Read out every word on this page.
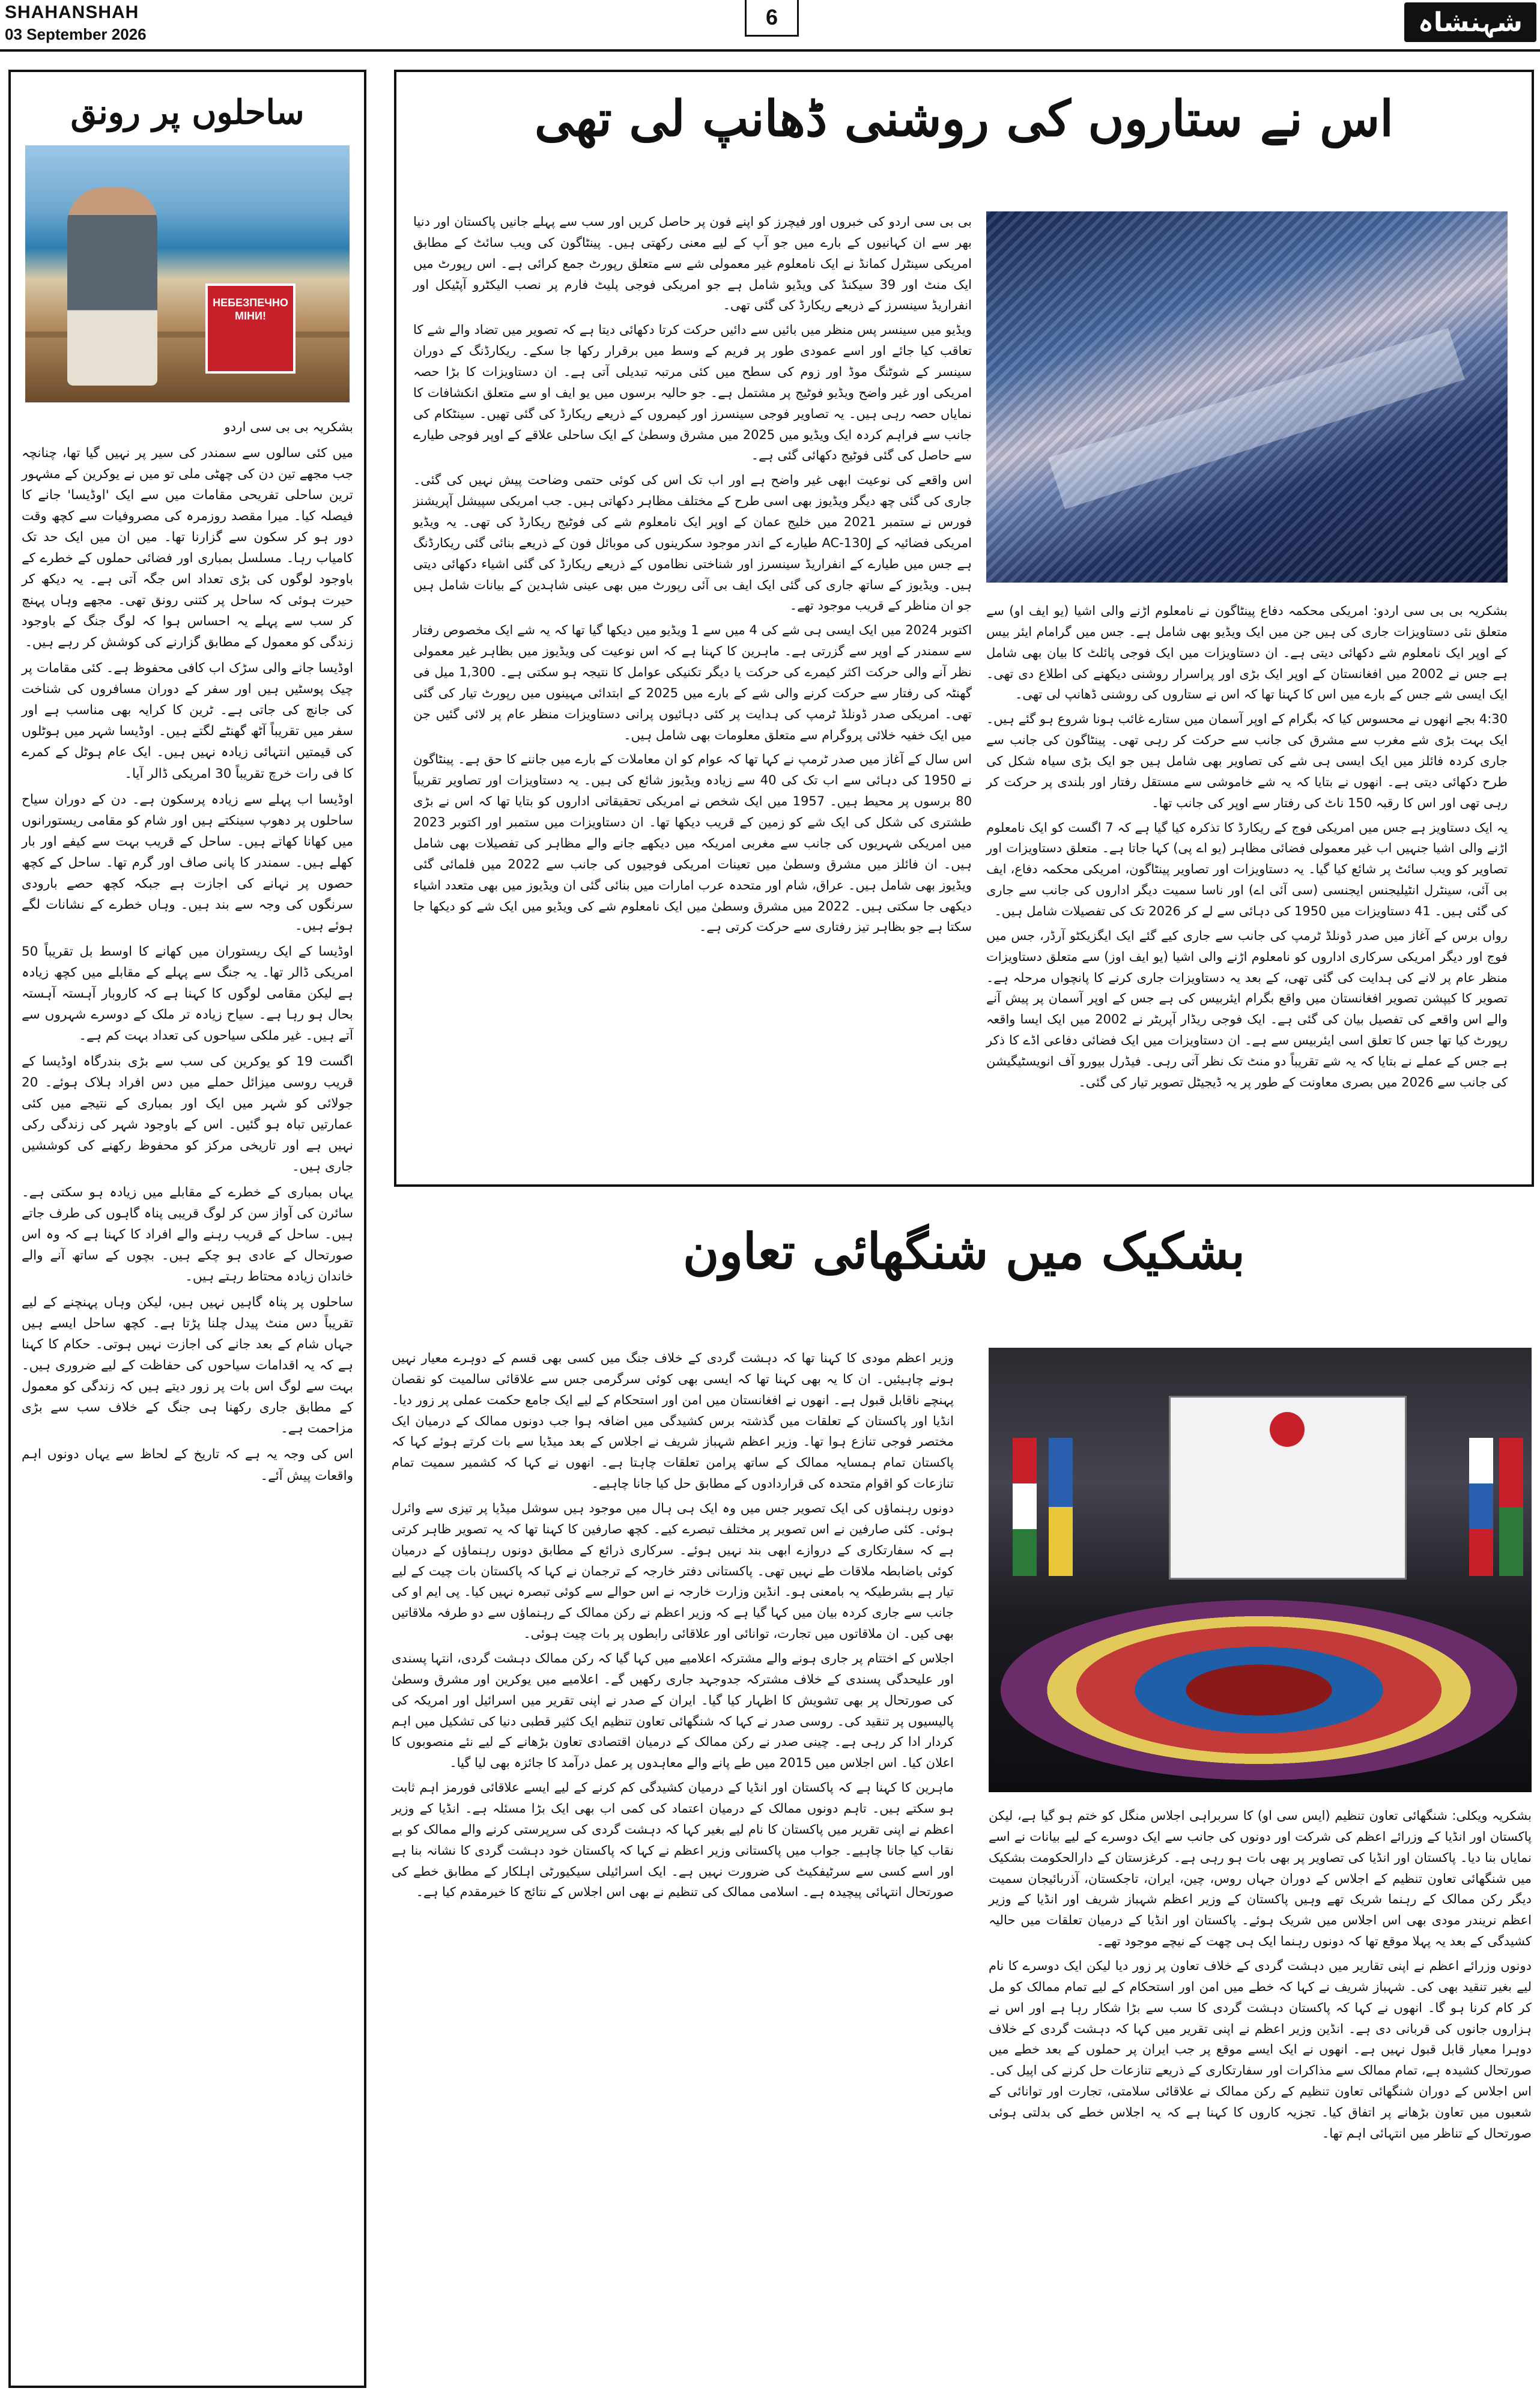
SHAHANSHAH
03 September 2026
6	شہنشاہ
ساحلوں پر رونق
НЕБЕЗПЕЧНО МІНИ!

بشکریہ بی بی سی اردو

میں کئی سالوں سے سمندر کی سیر پر نہیں گیا تھا، چنانچہ جب مجھے تین دن کی چھٹی ملی تو میں نے یوکرین کے مشہور ترین ساحلی تفریحی مقامات میں سے ایک 'اوڈیسا' جانے کا فیصلہ کیا۔ میرا مقصد روزمرہ کی مصروفیات سے کچھ وقت دور ہو کر سکون سے گزارنا تھا۔ میں ان میں ایک حد تک کامیاب رہا۔ مسلسل بمباری اور فضائی حملوں کے خطرے کے باوجود لوگوں کی بڑی تعداد اس جگہ آتی ہے۔ یہ دیکھ کر حیرت ہوئی کہ ساحل پر کتنی رونق تھی۔ مجھے وہاں پہنچ کر سب سے پہلے یہ احساس ہوا کہ لوگ جنگ کے باوجود زندگی کو معمول کے مطابق گزارنے کی کوشش کر رہے ہیں۔

اوڈیسا جانے والی سڑک اب کافی محفوظ ہے۔ کئی مقامات پر چیک پوسٹیں ہیں اور سفر کے دوران مسافروں کی شناخت کی جانچ کی جاتی ہے۔ ٹرین کا کرایہ بھی مناسب ہے اور سفر میں تقریباً آٹھ گھنٹے لگتے ہیں۔ اوڈیسا شہر میں ہوٹلوں کی قیمتیں انتہائی زیادہ نہیں ہیں۔ ایک عام ہوٹل کے کمرے کا فی رات خرچ تقریباً 30 امریکی ڈالر آیا۔

اوڈیسا اب پہلے سے زیادہ پرسکون ہے۔ دن کے دوران سیاح ساحلوں پر دھوپ سینکتے ہیں اور شام کو مقامی ریستورانوں میں کھانا کھاتے ہیں۔ ساحل کے قریب بہت سے کیفے اور بار کھلے ہیں۔ سمندر کا پانی صاف اور گرم تھا۔ ساحل کے کچھ حصوں پر نہانے کی اجازت ہے جبکہ کچھ حصے بارودی سرنگوں کی وجہ سے بند ہیں۔ وہاں خطرے کے نشانات لگے ہوئے ہیں۔

اوڈیسا کے ایک ریستوران میں کھانے کا اوسط بل تقریباً 50 امریکی ڈالر تھا۔ یہ جنگ سے پہلے کے مقابلے میں کچھ زیادہ ہے لیکن مقامی لوگوں کا کہنا ہے کہ کاروبار آہستہ آہستہ بحال ہو رہا ہے۔ سیاح زیادہ تر ملک کے دوسرے شہروں سے آتے ہیں۔ غیر ملکی سیاحوں کی تعداد بہت کم ہے۔

اگست 19 کو یوکرین کی سب سے بڑی بندرگاہ اوڈیسا کے قریب روسی میزائل حملے میں دس افراد ہلاک ہوئے۔ 20 جولائی کو شہر میں ایک اور بمباری کے نتیجے میں کئی عمارتیں تباہ ہو گئیں۔ اس کے باوجود شہر کی زندگی رکی نہیں ہے اور تاریخی مرکز کو محفوظ رکھنے کی کوششیں جاری ہیں۔

یہاں بمباری کے خطرے کے مقابلے میں زیادہ ہو سکتی ہے۔ سائرن کی آواز سن کر لوگ قریبی پناہ گاہوں کی طرف جاتے ہیں۔ ساحل کے قریب رہنے والے افراد کا کہنا ہے کہ وہ اس صورتحال کے عادی ہو چکے ہیں۔ بچوں کے ساتھ آنے والے خاندان زیادہ محتاط رہتے ہیں۔

ساحلوں پر پناہ گاہیں نہیں ہیں، لیکن وہاں پہنچنے کے لیے تقریباً دس منٹ پیدل چلنا پڑتا ہے۔ کچھ ساحل ایسے ہیں جہاں شام کے بعد جانے کی اجازت نہیں ہوتی۔ حکام کا کہنا ہے کہ یہ اقدامات سیاحوں کی حفاظت کے لیے ضروری ہیں۔ بہت سے لوگ اس بات پر زور دیتے ہیں کہ زندگی کو معمول کے مطابق جاری رکھنا ہی جنگ کے خلاف سب سے بڑی مزاحمت ہے۔

اس کی وجہ یہ ہے کہ تاریخ کے لحاظ سے یہاں دونوں اہم واقعات پیش آئے۔

اس نے ستاروں کی روشنی ڈھانپ لی تھی

بشکریہ بی بی سی اردو: امریکی محکمہ دفاع پینٹاگون نے نامعلوم اڑنے والی اشیا (یو ایف او) سے متعلق نئی دستاویزات جاری کی ہیں جن میں ایک ویڈیو بھی شامل ہے۔ جس میں گرامام ایئر بیس کے اوپر ایک نامعلوم شے دکھائی دیتی ہے۔ ان دستاویزات میں ایک فوجی پائلٹ کا بیان بھی شامل ہے جس نے 2002 میں افغانستان کے اوپر ایک بڑی اور پراسرار روشنی دیکھنے کی اطلاع دی تھی۔ ایک ایسی شے جس کے بارے میں اس کا کہنا تھا کہ اس نے ستاروں کی روشنی ڈھانپ لی تھی۔

4:30 بجے انھوں نے محسوس کیا کہ بگرام کے اوپر آسمان میں ستارے غائب ہونا شروع ہو گئے ہیں۔ ایک بہت بڑی شے مغرب سے مشرق کی جانب سے حرکت کر رہی تھی۔ پینٹاگون کی جانب سے جاری کردہ فائلز میں ایک ایسی ہی شے کی تصاویر بھی شامل ہیں جو ایک بڑی سیاہ شکل کی طرح دکھائی دیتی ہے۔ انھوں نے بتایا کہ یہ شے خاموشی سے مستقل رفتار اور بلندی پر حرکت کر رہی تھی اور اس کا رقبہ 150 ناٹ کی رفتار سے اوپر کی جانب تھا۔

یہ ایک دستاویز ہے جس میں امریکی فوج کے ریکارڈ کا تذکرہ کیا گیا ہے کہ 7 اگست کو ایک نامعلوم اڑنے والی اشیا جنہیں اب غیر معمولی فضائی مظاہر (یو اے پی) کہا جاتا ہے۔ متعلق دستاویزات اور تصاویر کو ویب سائٹ پر شائع کیا گیا۔ یہ دستاویزات اور تصاویر پینٹاگون، امریکی محکمہ دفاع، ایف بی آئی، سینٹرل انٹیلیجنس ایجنسی (سی آئی اے) اور ناسا سمیت دیگر اداروں کی جانب سے جاری کی گئی ہیں۔ 41 دستاویزات میں 1950 کی دہائی سے لے کر 2026 تک کی تفصیلات شامل ہیں۔

رواں برس کے آغاز میں صدر ڈونلڈ ٹرمپ کی جانب سے جاری کیے گئے ایک ایگزیکٹو آرڈر، جس میں فوج اور دیگر امریکی سرکاری اداروں کو نامعلوم اڑنے والی اشیا (یو ایف اوز) سے متعلق دستاویزات منظر عام پر لانے کی ہدایت کی گئی تھی، کے بعد یہ دستاویزات جاری کرنے کا پانچواں مرحلہ ہے۔ تصویر کا کیپشن تصویر افغانستان میں واقع بگرام ایئربیس کی ہے جس کے اوپر آسمان پر پیش آنے والے اس واقعے کی تفصیل بیان کی گئی ہے۔ ایک فوجی ریڈار آپریٹر نے 2002 میں ایک ایسا واقعہ رپورٹ کیا تھا جس کا تعلق اسی ایئربیس سے ہے۔ ان دستاویزات میں ایک فضائی دفاعی اڈے کا ذکر ہے جس کے عملے نے بتایا کہ یہ شے تقریباً دو منٹ تک نظر آتی رہی۔ فیڈرل بیورو آف انویسٹیگیشن کی جانب سے 2026 میں بصری معاونت کے طور پر یہ ڈیجیٹل تصویر تیار کی گئی۔

بی بی سی اردو کی خبروں اور فیچرز کو اپنے فون پر حاصل کریں اور سب سے پہلے جانیں پاکستان اور دنیا بھر سے ان کہانیوں کے بارے میں جو آپ کے لیے معنی رکھتی ہیں۔ پینٹاگون کی ویب سائٹ کے مطابق امریکی سینٹرل کمانڈ نے ایک نامعلوم غیر معمولی شے سے متعلق رپورٹ جمع کرائی ہے۔ اس رپورٹ میں ایک منٹ اور 39 سیکنڈ کی ویڈیو شامل ہے جو امریکی فوجی پلیٹ فارم پر نصب الیکٹرو آپٹیکل اور انفراریڈ سینسرز کے ذریعے ریکارڈ کی گئی تھی۔

ویڈیو میں سینسر پس منظر میں بائیں سے دائیں حرکت کرتا دکھائی دیتا ہے کہ تصویر میں تضاد والے شے کا تعاقب کیا جائے اور اسے عمودی طور پر فریم کے وسط میں برقرار رکھا جا سکے۔ ریکارڈنگ کے دوران سینسر کے شوٹنگ موڈ اور زوم کی سطح میں کئی مرتبہ تبدیلی آتی ہے۔ ان دستاویزات کا بڑا حصہ امریکی اور غیر واضح ویڈیو فوٹیج پر مشتمل ہے۔ جو حالیہ برسوں میں یو ایف او سے متعلق انکشافات کا نمایاں حصہ رہی ہیں۔ یہ تصاویر فوجی سینسرز اور کیمروں کے ذریعے ریکارڈ کی گئی تھیں۔ سینٹکام کی جانب سے فراہم کردہ ایک ویڈیو میں 2025 میں مشرق وسطیٰ کے ایک ساحلی علاقے کے اوپر فوجی طیارے سے حاصل کی گئی فوٹیج دکھائی گئی ہے۔

اس واقعے کی نوعیت ابھی غیر واضح ہے اور اب تک اس کی کوئی حتمی وضاحت پیش نہیں کی گئی۔ جاری کی گئی چھ دیگر ویڈیوز بھی اسی طرح کے مختلف مظاہر دکھاتی ہیں۔ جب امریکی سپیشل آپریشنز فورس نے ستمبر 2021 میں خلیج عمان کے اوپر ایک نامعلوم شے کی فوٹیج ریکارڈ کی تھی۔ یہ ویڈیو امریکی فضائیہ کے AC-130J طیارے کے اندر موجود سکرینوں کی موبائل فون کے ذریعے بنائی گئی ریکارڈنگ ہے جس میں طیارے کے انفراریڈ سینسرز اور شناختی نظاموں کے ذریعے ریکارڈ کی گئی اشیاء دکھائی دیتی ہیں۔ ویڈیوز کے ساتھ جاری کی گئی ایک ایف بی آئی رپورٹ میں بھی عینی شاہدین کے بیانات شامل ہیں جو ان مناظر کے قریب موجود تھے۔

اکتوبر 2024 میں ایک ایسی ہی شے کی 4 میں سے 1 ویڈیو میں دیکھا گیا تھا کہ یہ شے ایک مخصوص رفتار سے سمندر کے اوپر سے گزرتی ہے۔ ماہرین کا کہنا ہے کہ اس نوعیت کی ویڈیوز میں بظاہر غیر معمولی نظر آنے والی حرکت اکثر کیمرے کی حرکت یا دیگر تکنیکی عوامل کا نتیجہ ہو سکتی ہے۔ 1,300 میل فی گھنٹہ کی رفتار سے حرکت کرنے والی شے کے بارے میں 2025 کے ابتدائی مہینوں میں رپورٹ تیار کی گئی تھی۔ امریکی صدر ڈونلڈ ٹرمپ کی ہدایت پر کئی دہائیوں پرانی دستاویزات منظر عام پر لائی گئیں جن میں ایک خفیہ خلائی پروگرام سے متعلق معلومات بھی شامل ہیں۔

اس سال کے آغاز میں صدر ٹرمپ نے کہا تھا کہ عوام کو ان معاملات کے بارے میں جاننے کا حق ہے۔ پینٹاگون نے 1950 کی دہائی سے اب تک کی 40 سے زیادہ ویڈیوز شائع کی ہیں۔ یہ دستاویزات اور تصاویر تقریباً 80 برسوں پر محیط ہیں۔ 1957 میں ایک شخص نے امریکی تحقیقاتی اداروں کو بتایا تھا کہ اس نے بڑی طشتری کی شکل کی ایک شے کو زمین کے قریب دیکھا تھا۔ ان دستاویزات میں ستمبر اور اکتوبر 2023 میں امریکی شہریوں کی جانب سے مغربی امریکہ میں دیکھے جانے والے مظاہر کی تفصیلات بھی شامل ہیں۔ ان فائلز میں مشرق وسطیٰ میں تعینات امریکی فوجیوں کی جانب سے 2022 میں فلمائی گئی ویڈیوز بھی شامل ہیں۔ عراق، شام اور متحدہ عرب امارات میں بنائی گئی ان ویڈیوز میں بھی متعدد اشیاء دیکھی جا سکتی ہیں۔ 2022 میں مشرق وسطیٰ میں ایک نامعلوم شے کی ویڈیو میں ایک شے کو دیکھا جا سکتا ہے جو بظاہر تیز رفتاری سے حرکت کرتی ہے۔

بشکیک میں شنگھائی تعاون

بشکریہ ویکلی: شنگھائی تعاون تنظیم (ایس سی او) کا سربراہی اجلاس منگل کو ختم ہو گیا ہے، لیکن پاکستان اور انڈیا کے وزرائے اعظم کی شرکت اور دونوں کی جانب سے ایک دوسرے کے لیے بیانات نے اسے نمایاں بنا دیا۔ پاکستان اور انڈیا کی تصاویر پر بھی بات ہو رہی ہے۔ کرغزستان کے دارالحکومت بشکیک میں شنگھائی تعاون تنظیم کے اجلاس کے دوران جہاں روس، چین، ایران، تاجکستان، آذربائیجان سمیت دیگر رکن ممالک کے رہنما شریک تھے وہیں پاکستان کے وزیر اعظم شہباز شریف اور انڈیا کے وزیر اعظم نریندر مودی بھی اس اجلاس میں شریک ہوئے۔ پاکستان اور انڈیا کے درمیان تعلقات میں حالیہ کشیدگی کے بعد یہ پہلا موقع تھا کہ دونوں رہنما ایک ہی چھت کے نیچے موجود تھے۔

دونوں وزرائے اعظم نے اپنی تقاریر میں دہشت گردی کے خلاف تعاون پر زور دیا لیکن ایک دوسرے کا نام لیے بغیر تنقید بھی کی۔ شہباز شریف نے کہا کہ خطے میں امن اور استحکام کے لیے تمام ممالک کو مل کر کام کرنا ہو گا۔ انھوں نے کہا کہ پاکستان دہشت گردی کا سب سے بڑا شکار رہا ہے اور اس نے ہزاروں جانوں کی قربانی دی ہے۔ انڈین وزیر اعظم نے اپنی تقریر میں کہا کہ دہشت گردی کے خلاف دوہرا معیار قابل قبول نہیں ہے۔ انھوں نے ایک ایسے موقع پر جب ایران پر حملوں کے بعد خطے میں صورتحال کشیدہ ہے، تمام ممالک سے مذاکرات اور سفارتکاری کے ذریعے تنازعات حل کرنے کی اپیل کی۔ اس اجلاس کے دوران شنگھائی تعاون تنظیم کے رکن ممالک نے علاقائی سلامتی، تجارت اور توانائی کے شعبوں میں تعاون بڑھانے پر اتفاق کیا۔ تجزیہ کاروں کا کہنا ہے کہ یہ اجلاس خطے کی بدلتی ہوئی صورتحال کے تناظر میں انتہائی اہم تھا۔

وزیر اعظم مودی کا کہنا تھا کہ دہشت گردی کے خلاف جنگ میں کسی بھی قسم کے دوہرے معیار نہیں ہونے چاہیئیں۔ ان کا یہ بھی کہنا تھا کہ ایسی بھی کوئی سرگرمی جس سے علاقائی سالمیت کو نقصان پہنچے ناقابل قبول ہے۔ انھوں نے افغانستان میں امن اور استحکام کے لیے ایک جامع حکمت عملی پر زور دیا۔ انڈیا اور پاکستان کے تعلقات میں گذشتہ برس کشیدگی میں اضافہ ہوا جب دونوں ممالک کے درمیان ایک مختصر فوجی تنازع ہوا تھا۔ وزیر اعظم شہباز شریف نے اجلاس کے بعد میڈیا سے بات کرتے ہوئے کہا کہ پاکستان تمام ہمسایہ ممالک کے ساتھ پرامن تعلقات چاہتا ہے۔ انھوں نے کہا کہ کشمیر سمیت تمام تنازعات کو اقوام متحدہ کی قراردادوں کے مطابق حل کیا جانا چاہیے۔

دونوں رہنماؤں کی ایک تصویر جس میں وہ ایک ہی ہال میں موجود ہیں سوشل میڈیا پر تیزی سے وائرل ہوئی۔ کئی صارفین نے اس تصویر پر مختلف تبصرے کیے۔ کچھ صارفین کا کہنا تھا کہ یہ تصویر ظاہر کرتی ہے کہ سفارتکاری کے دروازے ابھی بند نہیں ہوئے۔ سرکاری ذرائع کے مطابق دونوں رہنماؤں کے درمیان کوئی باضابطہ ملاقات طے نہیں تھی۔ پاکستانی دفتر خارجہ کے ترجمان نے کہا کہ پاکستان بات چیت کے لیے تیار ہے بشرطیکہ یہ بامعنی ہو۔ انڈین وزارت خارجہ نے اس حوالے سے کوئی تبصرہ نہیں کیا۔ پی ایم او کی جانب سے جاری کردہ بیان میں کہا گیا ہے کہ وزیر اعظم نے رکن ممالک کے رہنماؤں سے دو طرفہ ملاقاتیں بھی کیں۔ ان ملاقاتوں میں تجارت، توانائی اور علاقائی رابطوں پر بات چیت ہوئی۔

اجلاس کے اختتام پر جاری ہونے والے مشترکہ اعلامیے میں کہا گیا کہ رکن ممالک دہشت گردی، انتہا پسندی اور علیحدگی پسندی کے خلاف مشترکہ جدوجہد جاری رکھیں گے۔ اعلامیے میں یوکرین اور مشرق وسطیٰ کی صورتحال پر بھی تشویش کا اظہار کیا گیا۔ ایران کے صدر نے اپنی تقریر میں اسرائیل اور امریکہ کی پالیسیوں پر تنقید کی۔ روسی صدر نے کہا کہ شنگھائی تعاون تنظیم ایک کثیر قطبی دنیا کی تشکیل میں اہم کردار ادا کر رہی ہے۔ چینی صدر نے رکن ممالک کے درمیان اقتصادی تعاون بڑھانے کے لیے نئے منصوبوں کا اعلان کیا۔ اس اجلاس میں 2015 میں طے پانے والے معاہدوں پر عمل درآمد کا جائزہ بھی لیا گیا۔

ماہرین کا کہنا ہے کہ پاکستان اور انڈیا کے درمیان کشیدگی کم کرنے کے لیے ایسے علاقائی فورمز اہم ثابت ہو سکتے ہیں۔ تاہم دونوں ممالک کے درمیان اعتماد کی کمی اب بھی ایک بڑا مسئلہ ہے۔ انڈیا کے وزیر اعظم نے اپنی تقریر میں پاکستان کا نام لیے بغیر کہا کہ دہشت گردی کی سرپرستی کرنے والے ممالک کو بے نقاب کیا جانا چاہیے۔ جواب میں پاکستانی وزیر اعظم نے کہا کہ پاکستان خود دہشت گردی کا نشانہ بنا ہے اور اسے کسی سے سرٹیفکیٹ کی ضرورت نہیں ہے۔ ایک اسرائیلی سیکیورٹی اہلکار کے مطابق خطے کی صورتحال انتہائی پیچیدہ ہے۔ اسلامی ممالک کی تنظیم نے بھی اس اجلاس کے نتائج کا خیرمقدم کیا ہے۔
